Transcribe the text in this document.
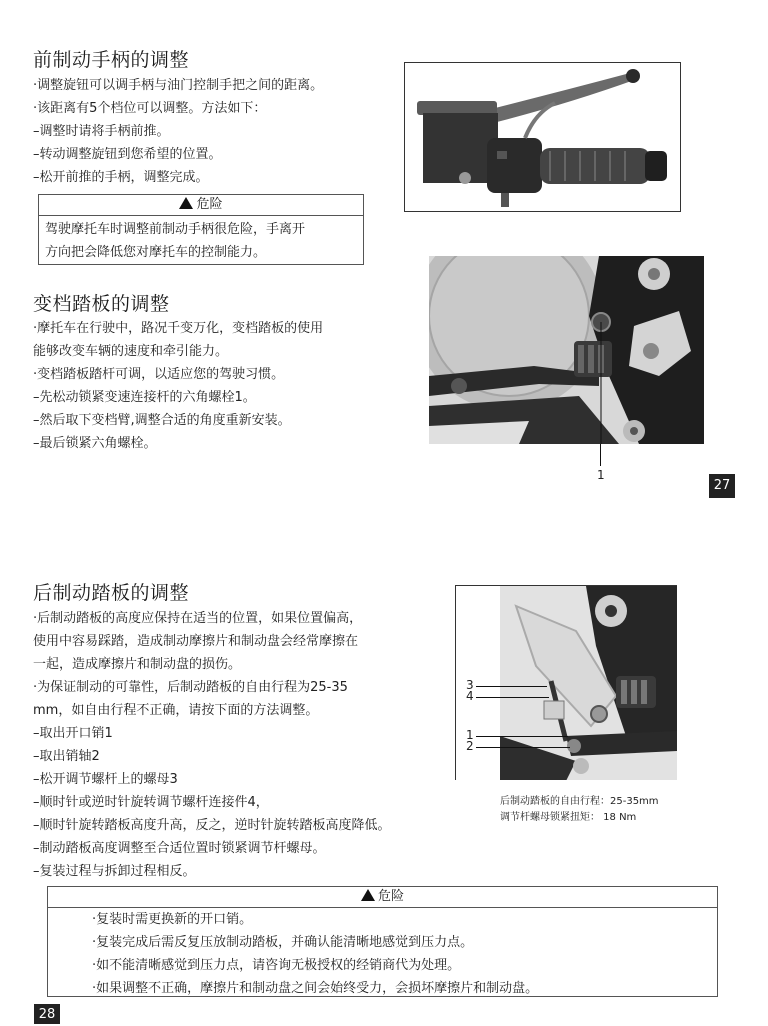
前制动手柄的调整
·调整旋钮可以调手柄与油门控制手把之间的距离。
·该距离有5个档位可以调整。方法如下：
–调整时请将手柄前推。
–转动调整旋钮到您希望的位置。
–松开前推的手柄，调整完成。
危险
驾驶摩托车时调整前制动手柄很危险，手离开
方向把会降低您对摩托车的控制能力。
变档踏板的调整
·摩托车在行驶中，路况千变万化，变档踏板的使用
能够改变车辆的速度和牵引能力。
·变档踏板踏杆可调，以适应您的驾驶习惯。
–先松动锁紧变速连接杆的六角螺栓1。
–然后取下变档臂,调整合适的角度重新安装。
–最后锁紧六角螺栓。
1
27
后制动踏板的调整
·后制动踏板的高度应保持在适当的位置，如果位置偏高，
使用中容易踩踏，造成制动摩擦片和制动盘会经常摩擦在
一起，造成摩擦片和制动盘的损伤。
·为保证制动的可靠性，后制动踏板的自由行程为25-35
mm，如自由行程不正确，请按下面的方法调整。
–取出开口销1
–取出销轴2
–松开调节螺杆上的螺母3
–顺时针或逆时针旋转调节螺杆连接件4，
–顺时针旋转踏板高度升高，反之，逆时针旋转踏板高度降低。
–制动踏板高度调整至合适位置时锁紧调节杆螺母。
–复装过程与拆卸过程相反。
3
4
1
2
后制动踏板的自由行程：25-35mm
调节杆螺母锁紧扭矩： 18 Nm
危险
·复装时需更换新的开口销。
·复装完成后需反复压放制动踏板，并确认能清晰地感觉到压力点。
·如不能清晰感觉到压力点，请咨询无极授权的经销商代为处理。
·如果调整不正确，摩擦片和制动盘之间会始终受力，会损坏摩擦片和制动盘。
28
